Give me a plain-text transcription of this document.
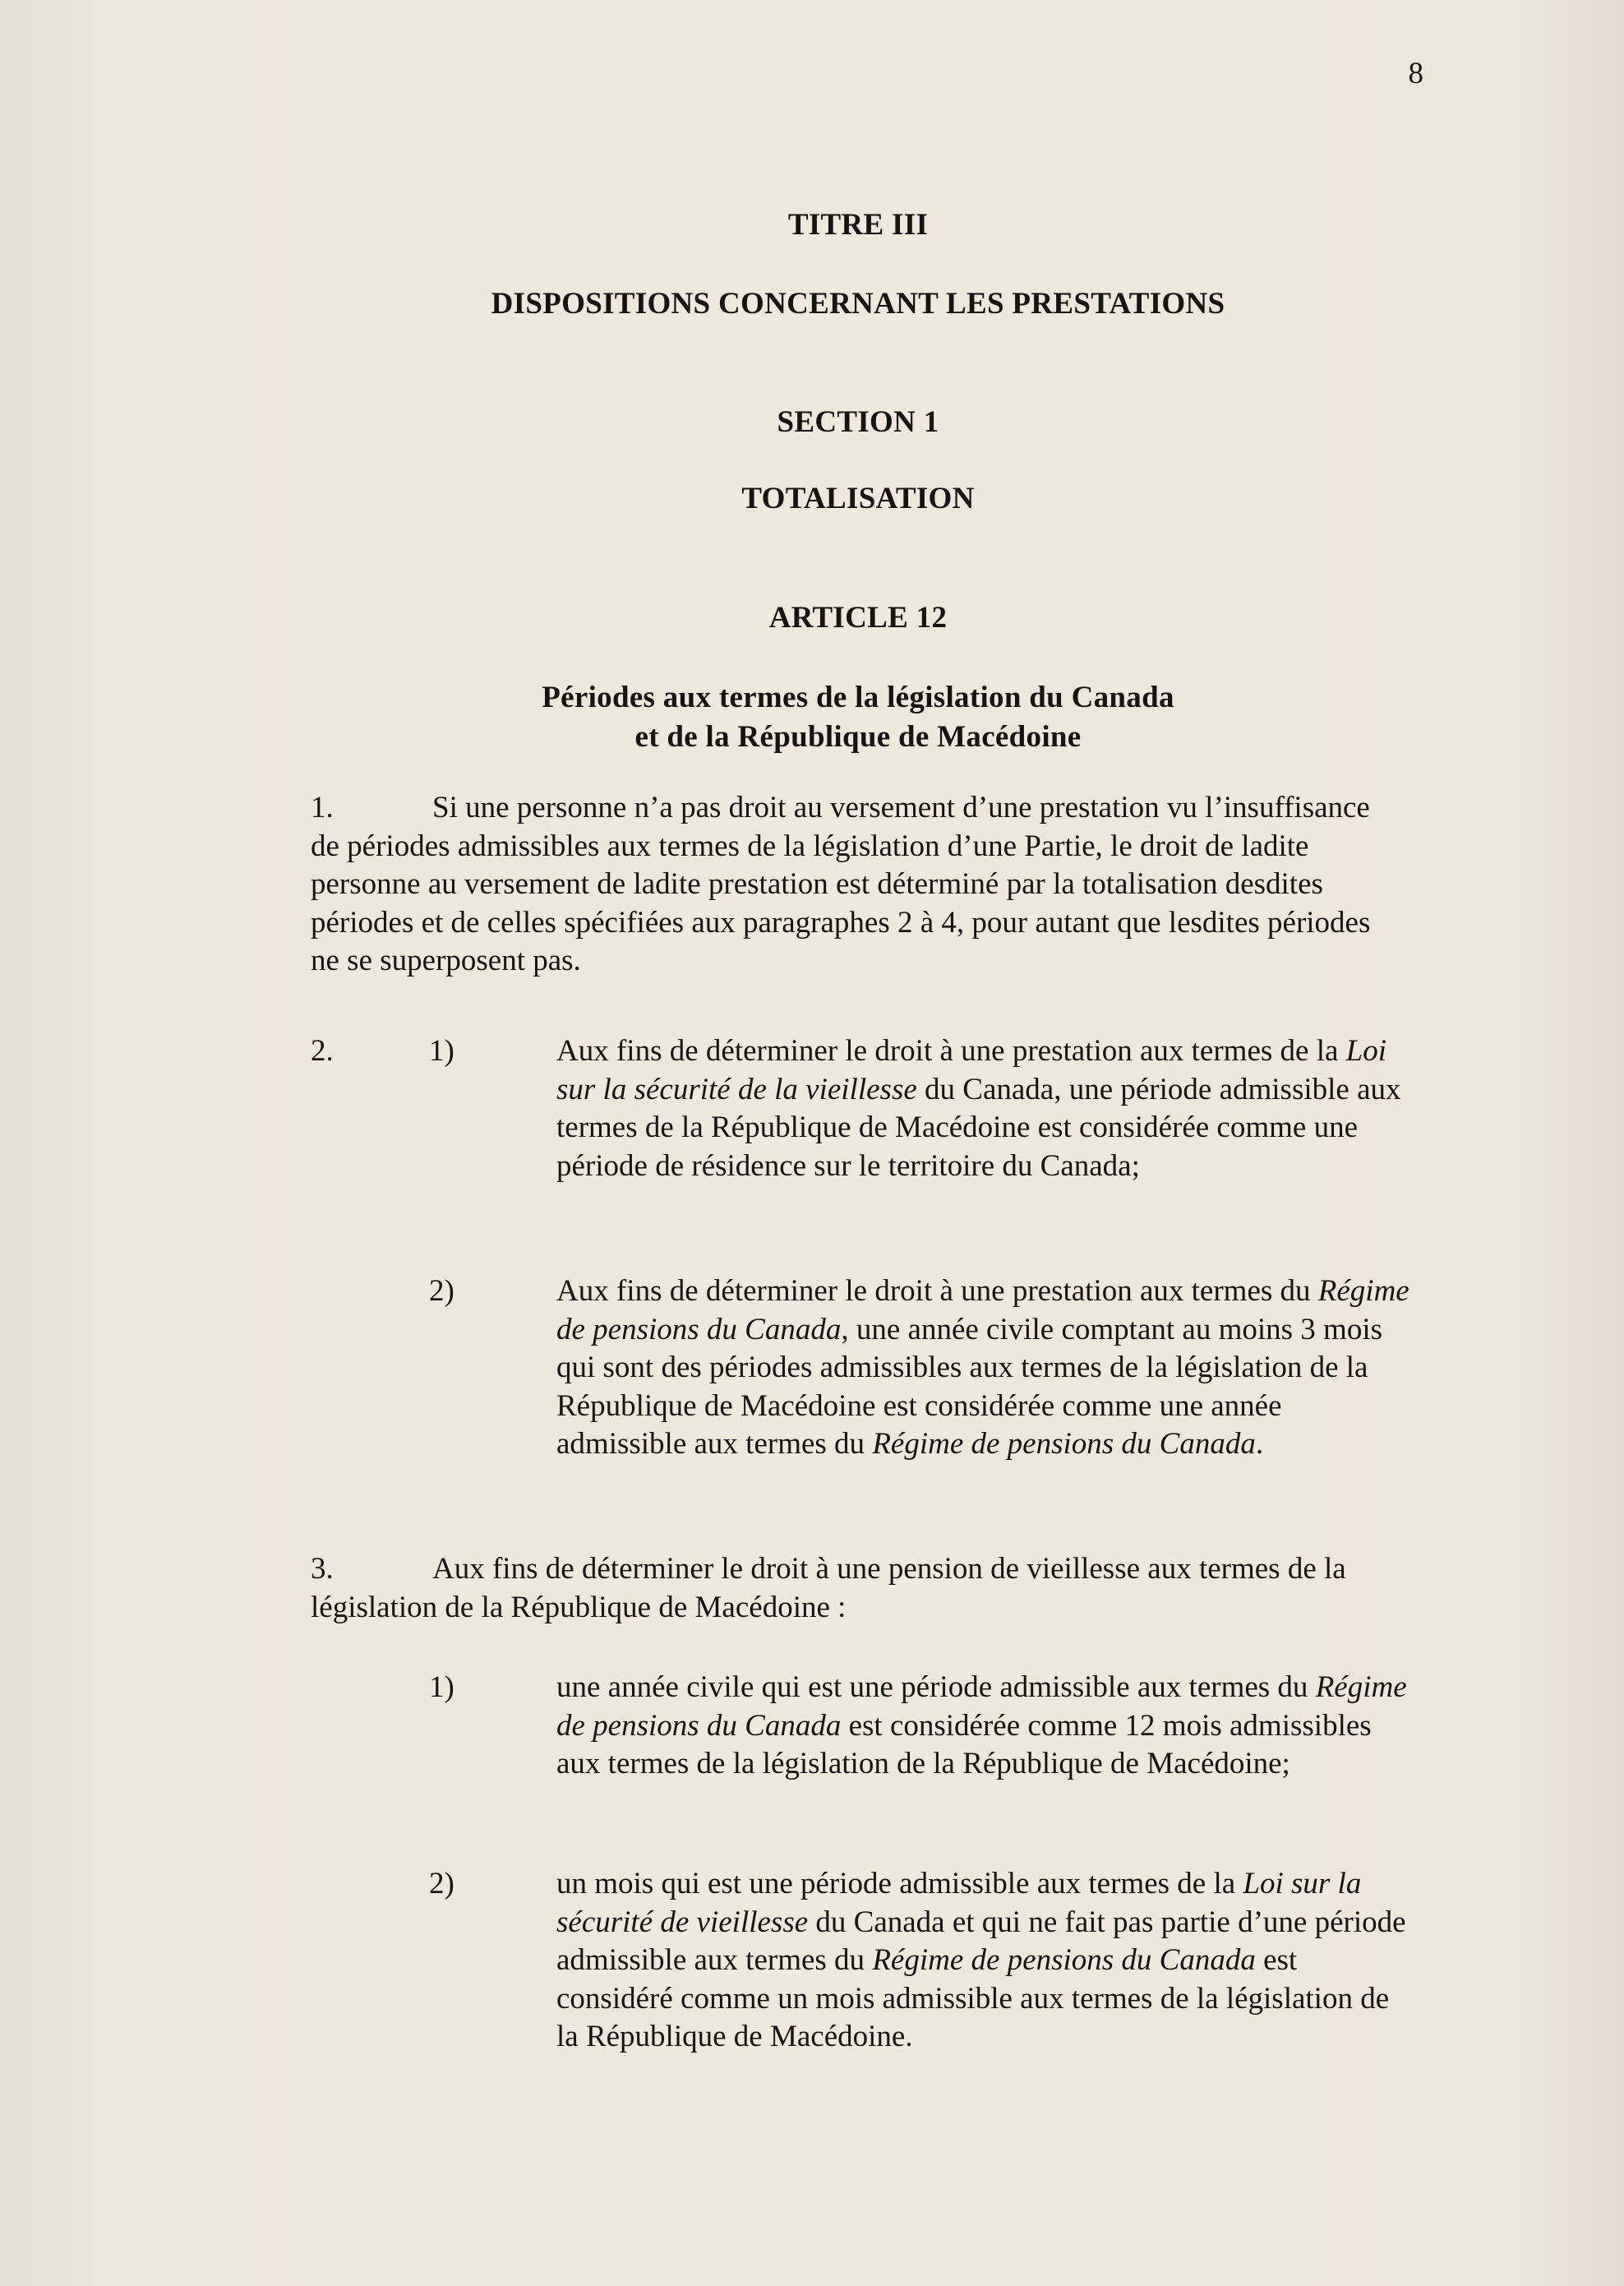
8
TITRE III
DISPOSITIONS CONCERNANT LES PRESTATIONS
SECTION 1
TOTALISATION
ARTICLE 12
Périodes aux termes de la législation du Canada
et de la République de Macédoine
1.	Si une personne n’a pas droit au versement d’une prestation vu l’insuffisance de périodes admissibles aux termes de la législation d’une Partie, le droit de ladite personne au versement de ladite prestation est déterminé par la totalisation desdites périodes et de celles spécifiées aux paragraphes 2 à 4, pour autant que lesdites périodes ne se superposent pas.
2.	1)	Aux fins de déterminer le droit à une prestation aux termes de la Loi sur la sécurité de la vieillesse du Canada, une période admissible aux termes de la République de Macédoine est considérée comme une période de résidence sur le territoire du Canada;
2)	Aux fins de déterminer le droit à une prestation aux termes du Régime de pensions du Canada, une année civile comptant au moins 3 mois qui sont des périodes admissibles aux termes de la législation de la République de Macédoine est considérée comme une année admissible aux termes du Régime de pensions du Canada.
3.	Aux fins de déterminer le droit à une pension de vieillesse aux termes de la législation de la République de Macédoine :
1)	une année civile qui est une période admissible aux termes du Régime de pensions du Canada est considérée comme 12 mois admissibles aux termes de la législation de la République de Macédoine;
2)	un mois qui est une période admissible aux termes de la Loi sur la sécurité de vieillesse du Canada et qui ne fait pas partie d’une période admissible aux termes du Régime de pensions du Canada est considéré comme un mois admissible aux termes de la législation de la République de Macédoine.
